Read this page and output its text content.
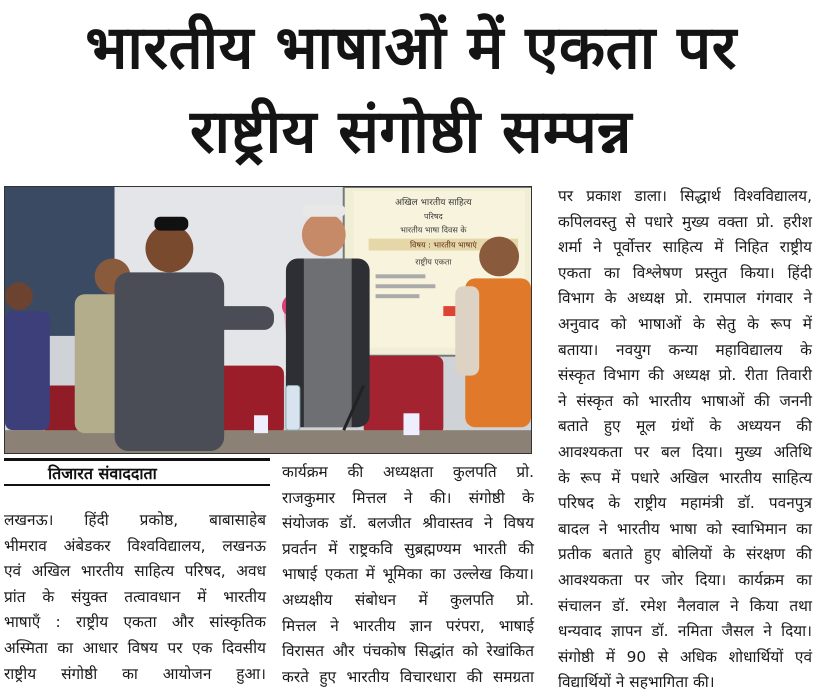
भारतीय भाषाओं में एकता पर
राष्ट्रीय संगोष्ठी सम्पन्न
अखिल भारतीय साहित्य
परिषद
भारतीय भाषा दिवस के
विषय : भारतीय भाषाएं
राष्ट्रीय एकता
तिजारत संवाददाता

लखनऊ। हिंदी प्रकोष्ठ, बाबासाहेब

भीमराव अंबेडकर विश्वविद्यालय, लखनऊ

एवं अखिल भारतीय साहित्य परिषद, अवध

प्रांत के संयुक्त तत्वावधान में भारतीय

भाषाएँ : राष्ट्रीय एकता और सांस्कृतिक

अस्मिता का आधार विषय पर एक दिवसीय

राष्ट्रीय संगोष्ठी का आयोजन हुआ।

कार्यक्रम की अध्यक्षता कुलपति प्रो.

राजकुमार मित्तल ने की। संगोष्ठी के

संयोजक डॉ. बलजीत श्रीवास्तव ने विषय

प्रवर्तन में राष्ट्रकवि सुब्रह्मण्यम भारती की

भाषाई एकता में भूमिका का उल्लेख किया।

अध्यक्षीय संबोधन में कुलपति प्रो.

मित्तल ने भारतीय ज्ञान परंपरा, भाषाई

विरासत और पंचकोष सिद्धांत को रेखांकित

करते हुए भारतीय विचारधारा की समग्रता

पर प्रकाश डाला। सिद्धार्थ विश्वविद्यालय,

कपिलवस्तु से पधारे मुख्य वक्ता प्रो. हरीश

शर्मा ने पूर्वोत्तर साहित्य में निहित राष्ट्रीय

एकता का विश्लेषण प्रस्तुत किया। हिंदी

विभाग के अध्यक्ष प्रो. रामपाल गंगवार ने

अनुवाद को भाषाओं के सेतु के रूप में

बताया। नवयुग कन्या महाविद्यालय के

संस्कृत विभाग की अध्यक्ष प्रो. रीता तिवारी

ने संस्कृत को भारतीय भाषाओं की जननी

बताते हुए मूल ग्रंथों के अध्ययन की

आवश्यकता पर बल दिया। मुख्य अतिथि

के रूप में पधारे अखिल भारतीय साहित्य

परिषद के राष्ट्रीय महामंत्री डॉ. पवनपुत्र

बादल ने भारतीय भाषा को स्वाभिमान का

प्रतीक बताते हुए बोलियों के संरक्षण की

आवश्यकता पर जोर दिया। कार्यक्रम का

संचालन डॉ. रमेश नैलवाल ने किया तथा

धन्यवाद ज्ञापन डॉ. नमिता जैसल ने दिया।

संगोष्ठी में 90 से अधिक शोधार्थियों एवं

विद्यार्थियों ने सहभागिता की।
